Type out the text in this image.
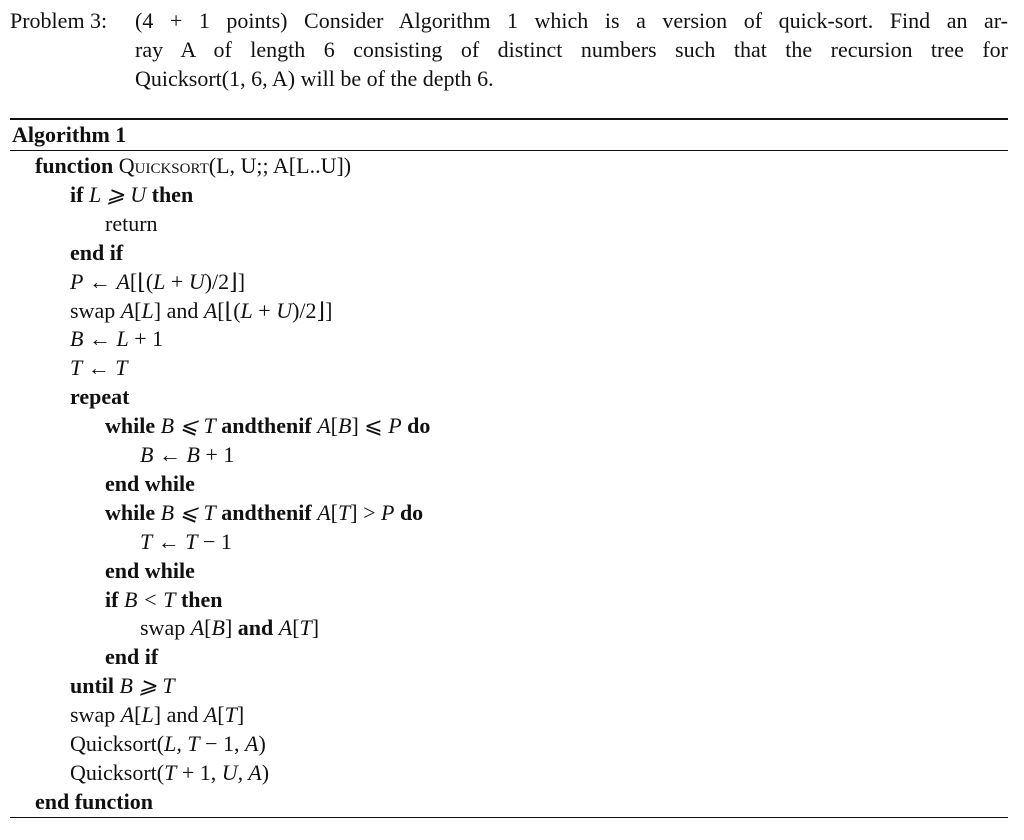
Problem 3: (4 + 1 points) Consider Algorithm 1 which is a version of quick-sort. Find an ar-
ray A of length 6 consisting of distinct numbers such that the recursion tree for
Quicksort(1, 6, A) will be of the depth 6.
Algorithm 1
function Quicksort(L, U;; A[L..U])
if L ⩾ U then
return
end if
P ← A[⌊(L + U)/2⌋]
swap A[L] and A[⌊(L + U)/2⌋]
B ← L + 1
T ← T
repeat
while B ⩽ T andthenif A[B] ⩽ P do
B ← B + 1
end while
while B ⩽ T andthenif A[T] > P do
T ← T − 1
end while
if B < T then
swap A[B] and A[T]
end if
until B ⩾ T
swap A[L] and A[T]
Quicksort(L, T − 1, A)
Quicksort(T + 1, U, A)
end function
